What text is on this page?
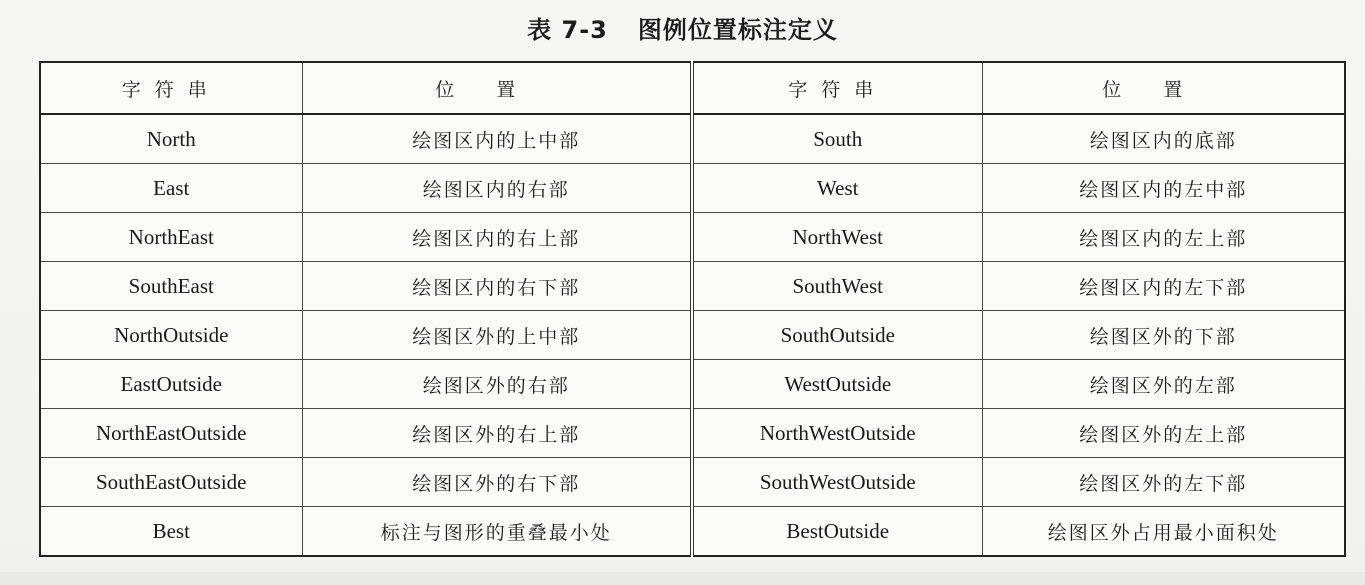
表 7-3 图例位置标注定义
字符串	位置	字符串	位置
North	绘图区内的上中部	South	绘图区内的底部
East	绘图区内的右部	West	绘图区内的左中部
NorthEast	绘图区内的右上部	NorthWest	绘图区内的左上部
SouthEast	绘图区内的右下部	SouthWest	绘图区内的左下部
NorthOutside	绘图区外的上中部	SouthOutside	绘图区外的下部
EastOutside	绘图区外的右部	WestOutside	绘图区外的左部
NorthEastOutside	绘图区外的右上部	NorthWestOutside	绘图区外的左上部
SouthEastOutside	绘图区外的右下部	SouthWestOutside	绘图区外的左下部
Best	标注与图形的重叠最小处	BestOutside	绘图区外占用最小面积处
